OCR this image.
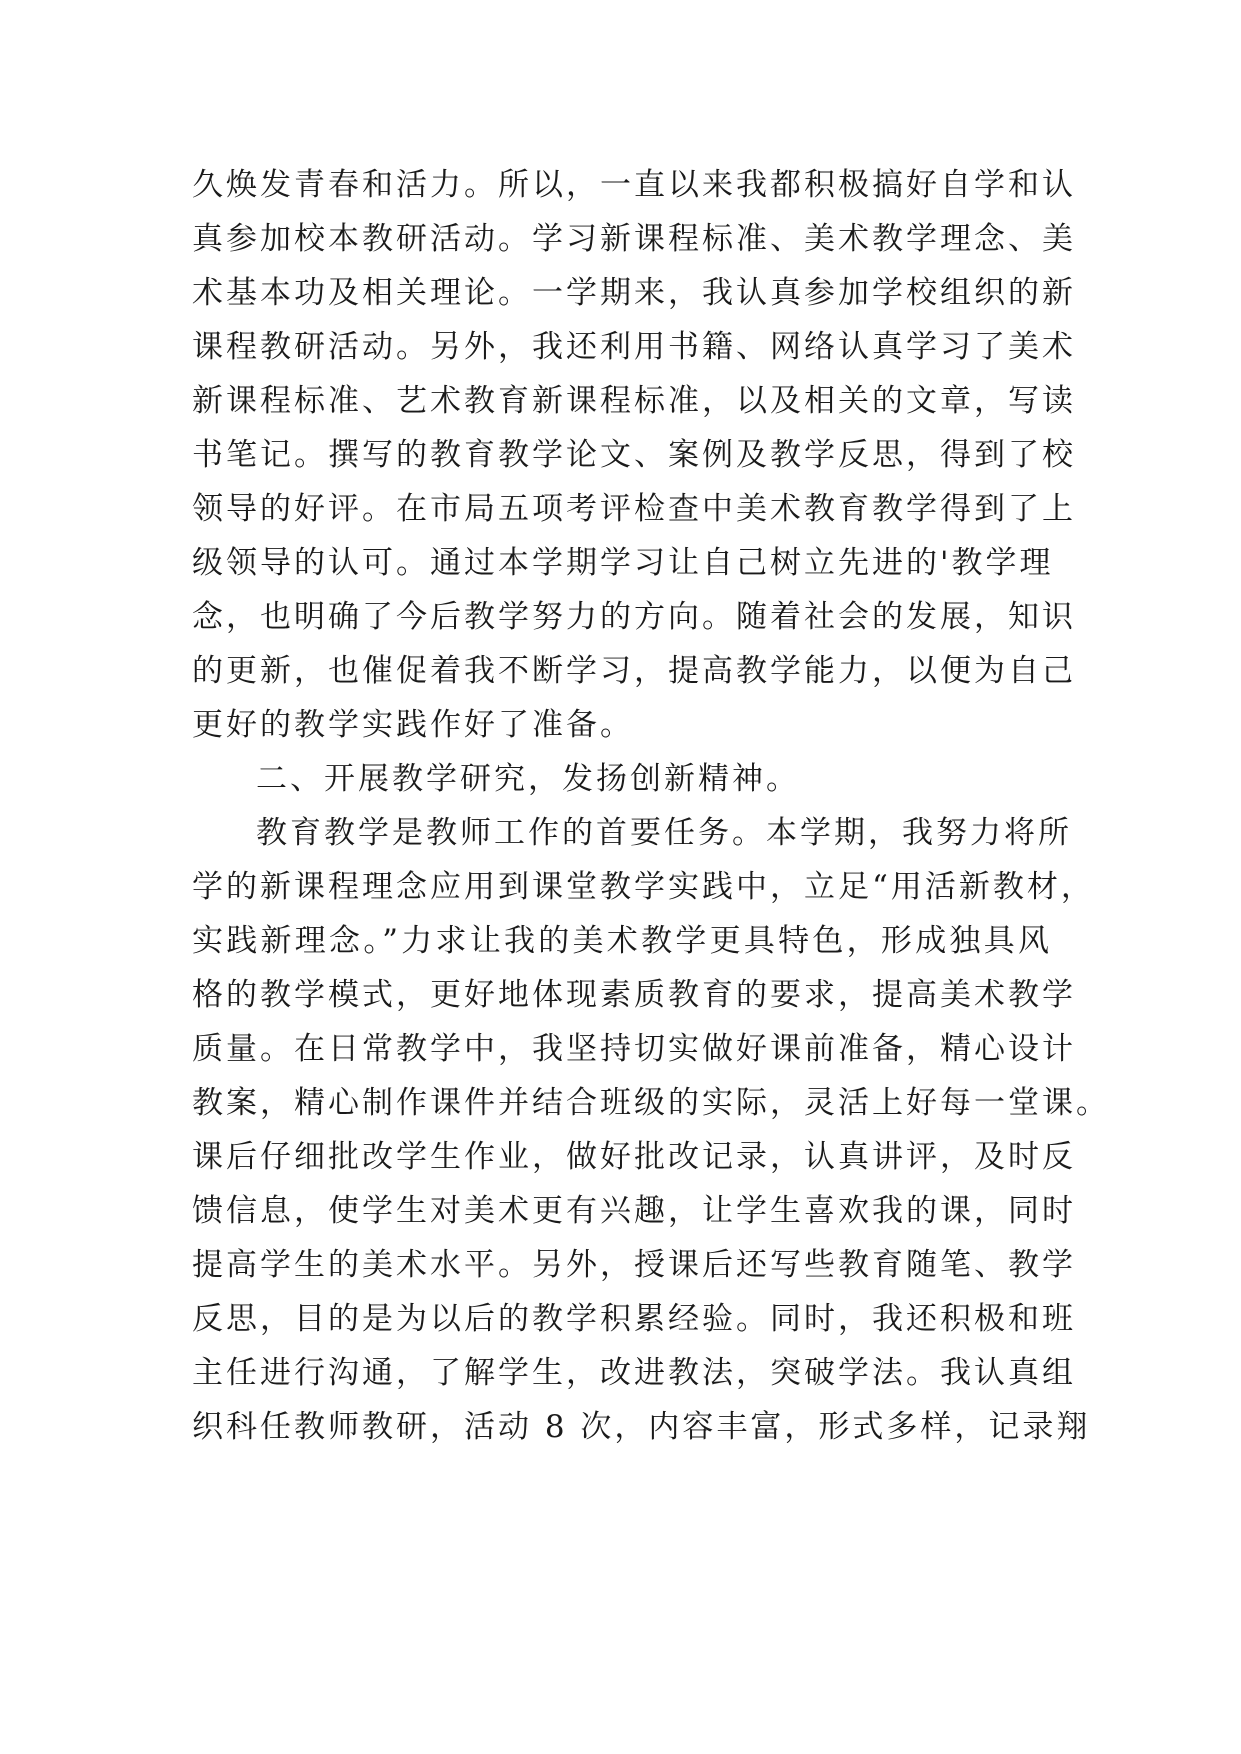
久焕发青春和活力。所以，一直以来我都积极搞好自学和认
真参加校本教研活动。学习新课程标准、美术教学理念、美
术基本功及相关理论。一学期来，我认真参加学校组织的新
课程教研活动。另外，我还利用书籍、网络认真学习了美术
新课程标准、艺术教育新课程标准，以及相关的文章，写读
书笔记。撰写的教育教学论文、案例及教学反思，得到了校
领导的好评。在市局五项考评检查中美术教育教学得到了上
级领导的认可。通过本学期学习让自己树立先进的'教学理
念，也明确了今后教学努力的方向。随着社会的发展，知识
的更新，也催促着我不断学习，提高教学能力，以便为自己
更好的教学实践作好了准备。
二、开展教学研究，发扬创新精神。
教育教学是教师工作的首要任务。本学期，我努力将所
学的新课程理念应用到课堂教学实践中，立足“用活新教材，
实践新理念。”力求让我的美术教学更具特色，形成独具风
格的教学模式，更好地体现素质教育的要求，提高美术教学
质量。在日常教学中，我坚持切实做好课前准备，精心设计
教案，精心制作课件并结合班级的实际，灵活上好每一堂课。
课后仔细批改学生作业，做好批改记录，认真讲评，及时反
馈信息，使学生对美术更有兴趣，让学生喜欢我的课，同时
提高学生的美术水平。另外，授课后还写些教育随笔、教学
反思，目的是为以后的教学积累经验。同时，我还积极和班
主任进行沟通，了解学生，改进教法，突破学法。我认真组
织科任教师教研，活动 8 次，内容丰富，形式多样，记录翔
